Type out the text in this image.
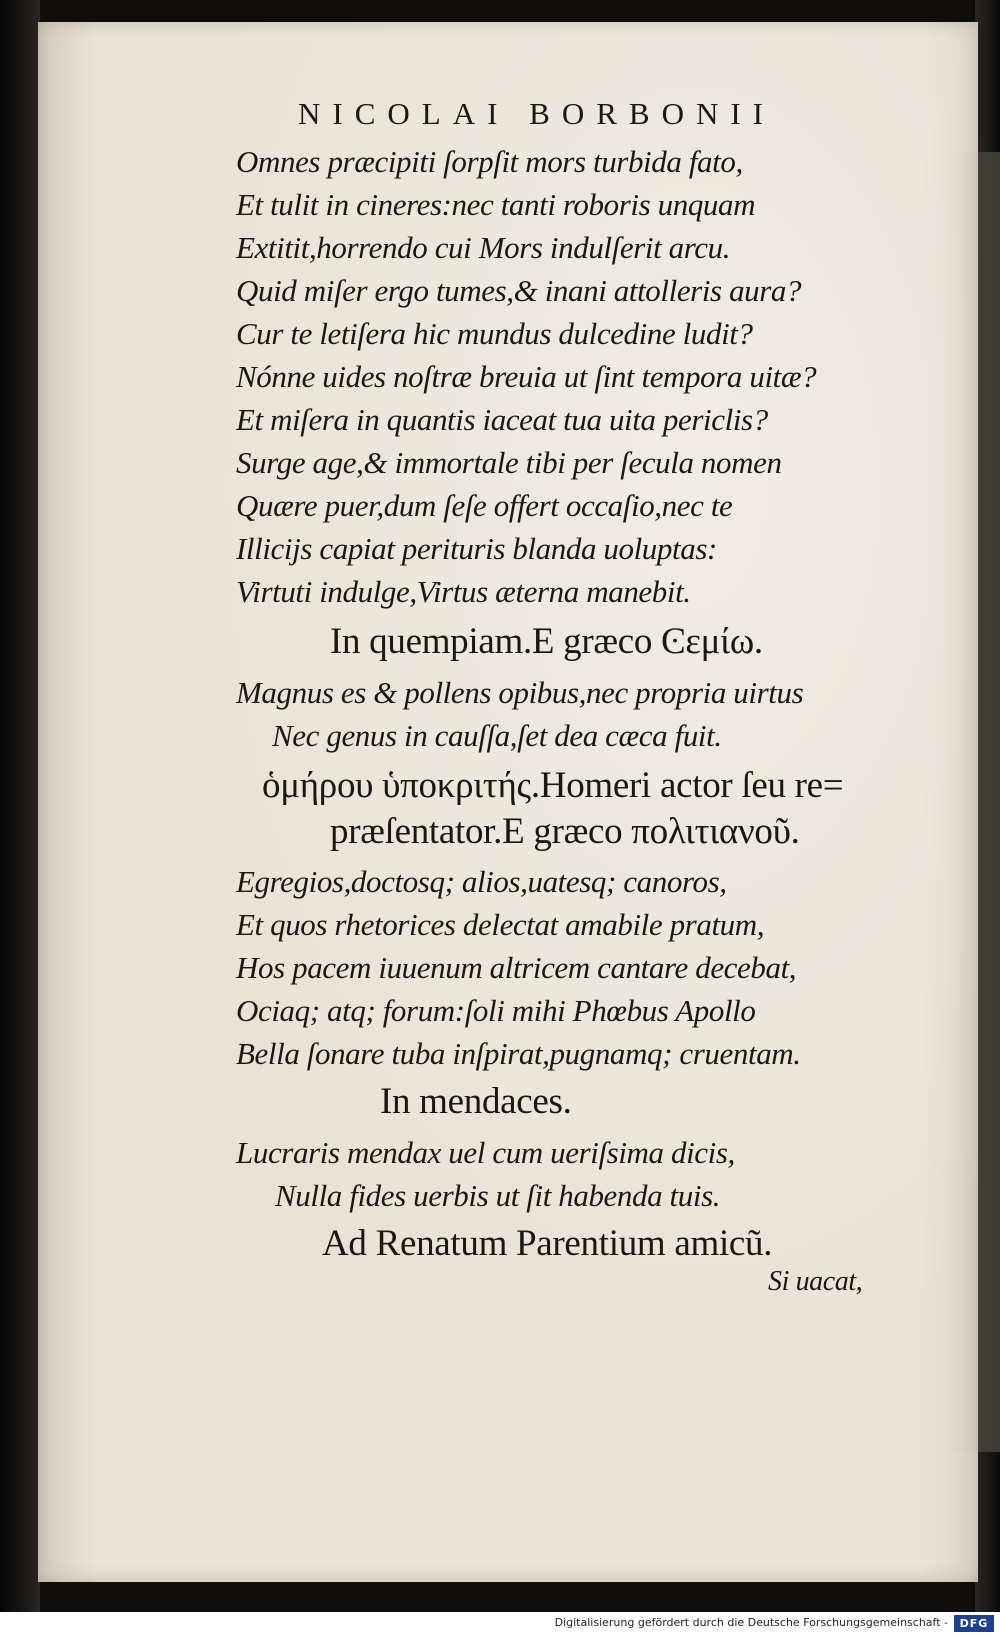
NICOLAI BORBONII
Omnes præcipiti ſorpſit mors turbida fato,
Et tulit in cineres:nec tanti roboris unquam
Extitit,horrendo cui Mors indulſerit arcu.
Quid miſer ergo tumes,& inani attolleris aura?
Cur te letiſera hic mundus dulcedine ludit?
Nónne uides noſtræ breuia ut ſint tempora uitæ?
Et miſera in quantis iaceat tua uita periclis?
Surge age,& immortale tibi per ſecula nomen
Quære puer,dum ſeſe offert occaſio,nec te
Illicijs capiat perituris blanda uoluptas:
Virtuti indulge,Virtus æterna manebit.
In quempiam.E græco Ͼεμίω.
Magnus es & pollens opibus,nec propria uirtus
Nec genus in cauſſa,ſet dea cæca fuit.
ὁμήρου ὑποκριτής.Homeri actor ſeu re=
præſentator.E græco πολιτιανοῦ.
Egregios,doctosq; alios,uatesq; canoros,
Et quos rhetorices delectat amabile pratum,
Hos pacem iuuenum altricem cantare decebat,
Ociaq; atq; forum:ſoli mihi Phœbus Apollo
Bella ſonare tuba inſpirat,pugnamq; cruentam.
In mendaces.
Lucraris mendax uel cum ueriſsima dicis,
Nulla fides uerbis ut ſit habenda tuis.
Ad Renatum Parentium amicũ.
Si uacat,
Digitalisierung gefördert durch die Deutsche Forschungsgemeinschaft -	DFG
